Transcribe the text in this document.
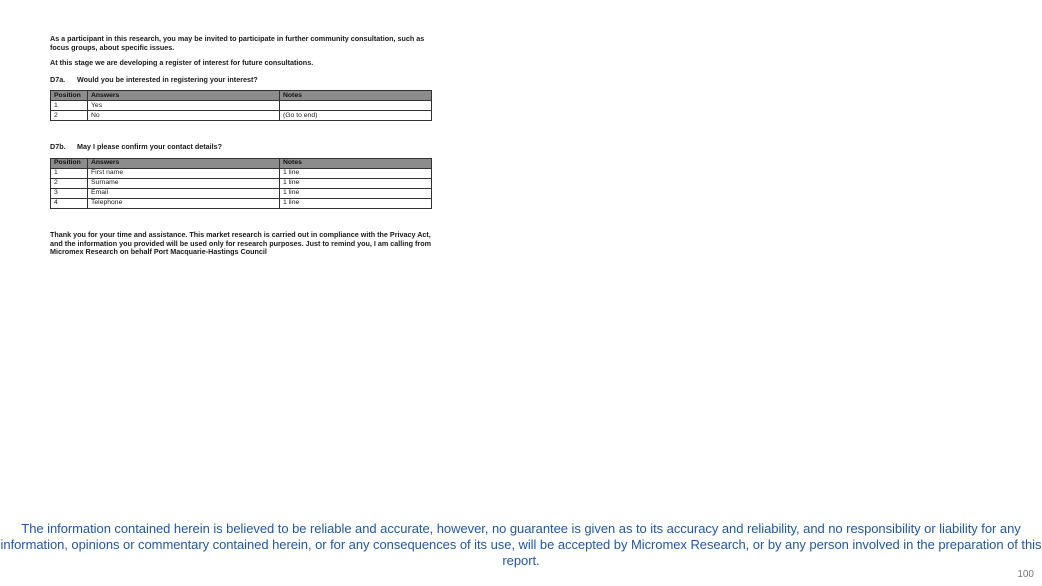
As a participant in this research, you may be invited to participate in further community consultation, such as focus groups, about specific issues.

At this stage we are developing a register of interest for future consultations.

D7a. Would you be interested in registering your interest?

Position	Answers	Notes
1	Yes	
2	No	(Go to end)

D7b. May I please confirm your contact details?

Position	Answers	Notes
1	First name	1 line
2	Surname	1 line
3	Email	1 line
4	Telephone	1 line

Thank you for your time and assistance. This market research is carried out in compliance with the Privacy Act, and the information you provided will be used only for research purposes. Just to remind you, I am calling from Micromex Research on behalf Port Macquarie-Hastings Council

The information contained herein is believed to be reliable and accurate, however, no guarantee is given as to its accuracy and reliability, and no responsibility or liability for any information, opinions or commentary contained herein, or for any consequences of its use, will be accepted by Micromex Research, or by any person involved in the preparation of this report.
100
